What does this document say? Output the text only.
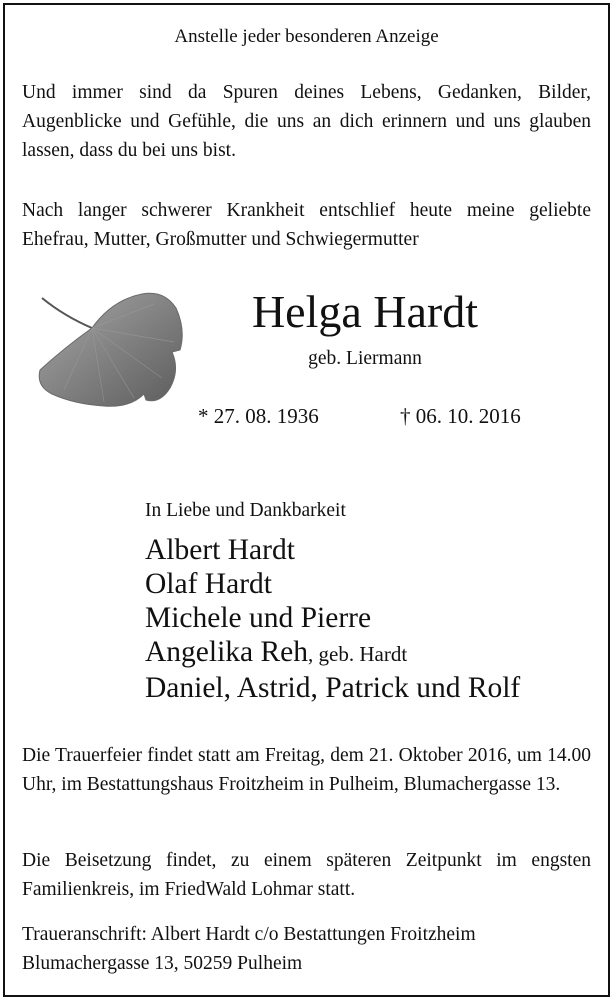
Anstelle jeder besonderen Anzeige
Und immer sind da Spuren deines Lebens, Gedanken, Bilder, Augenblicke und Gefühle, die uns an dich erinnern und uns glauben lassen, dass du bei uns bist.
Nach langer schwerer Krankheit entschlief heute meine geliebte Ehefrau, Mutter, Großmutter und Schwiegermutter
Helga Hardt
geb. Liermann
* 27. 08. 1936	† 06. 10. 2016
In Liebe und Dankbarkeit
Albert Hardt
Olaf Hardt
Michele und Pierre
Angelika Reh, geb. Hardt
Daniel, Astrid, Patrick und Rolf
Die Trauerfeier findet statt am Freitag, dem 21. Oktober 2016, um 14.00 Uhr, im Bestattungshaus Froitzheim in Pulheim, Blumachergasse 13.
Die Beisetzung findet, zu einem späteren Zeitpunkt im engsten Familienkreis, im FriedWald Lohmar statt.
Traueranschrift: Albert Hardt c/o Bestattungen Froitzheim
Blumachergasse 13, 50259 Pulheim
